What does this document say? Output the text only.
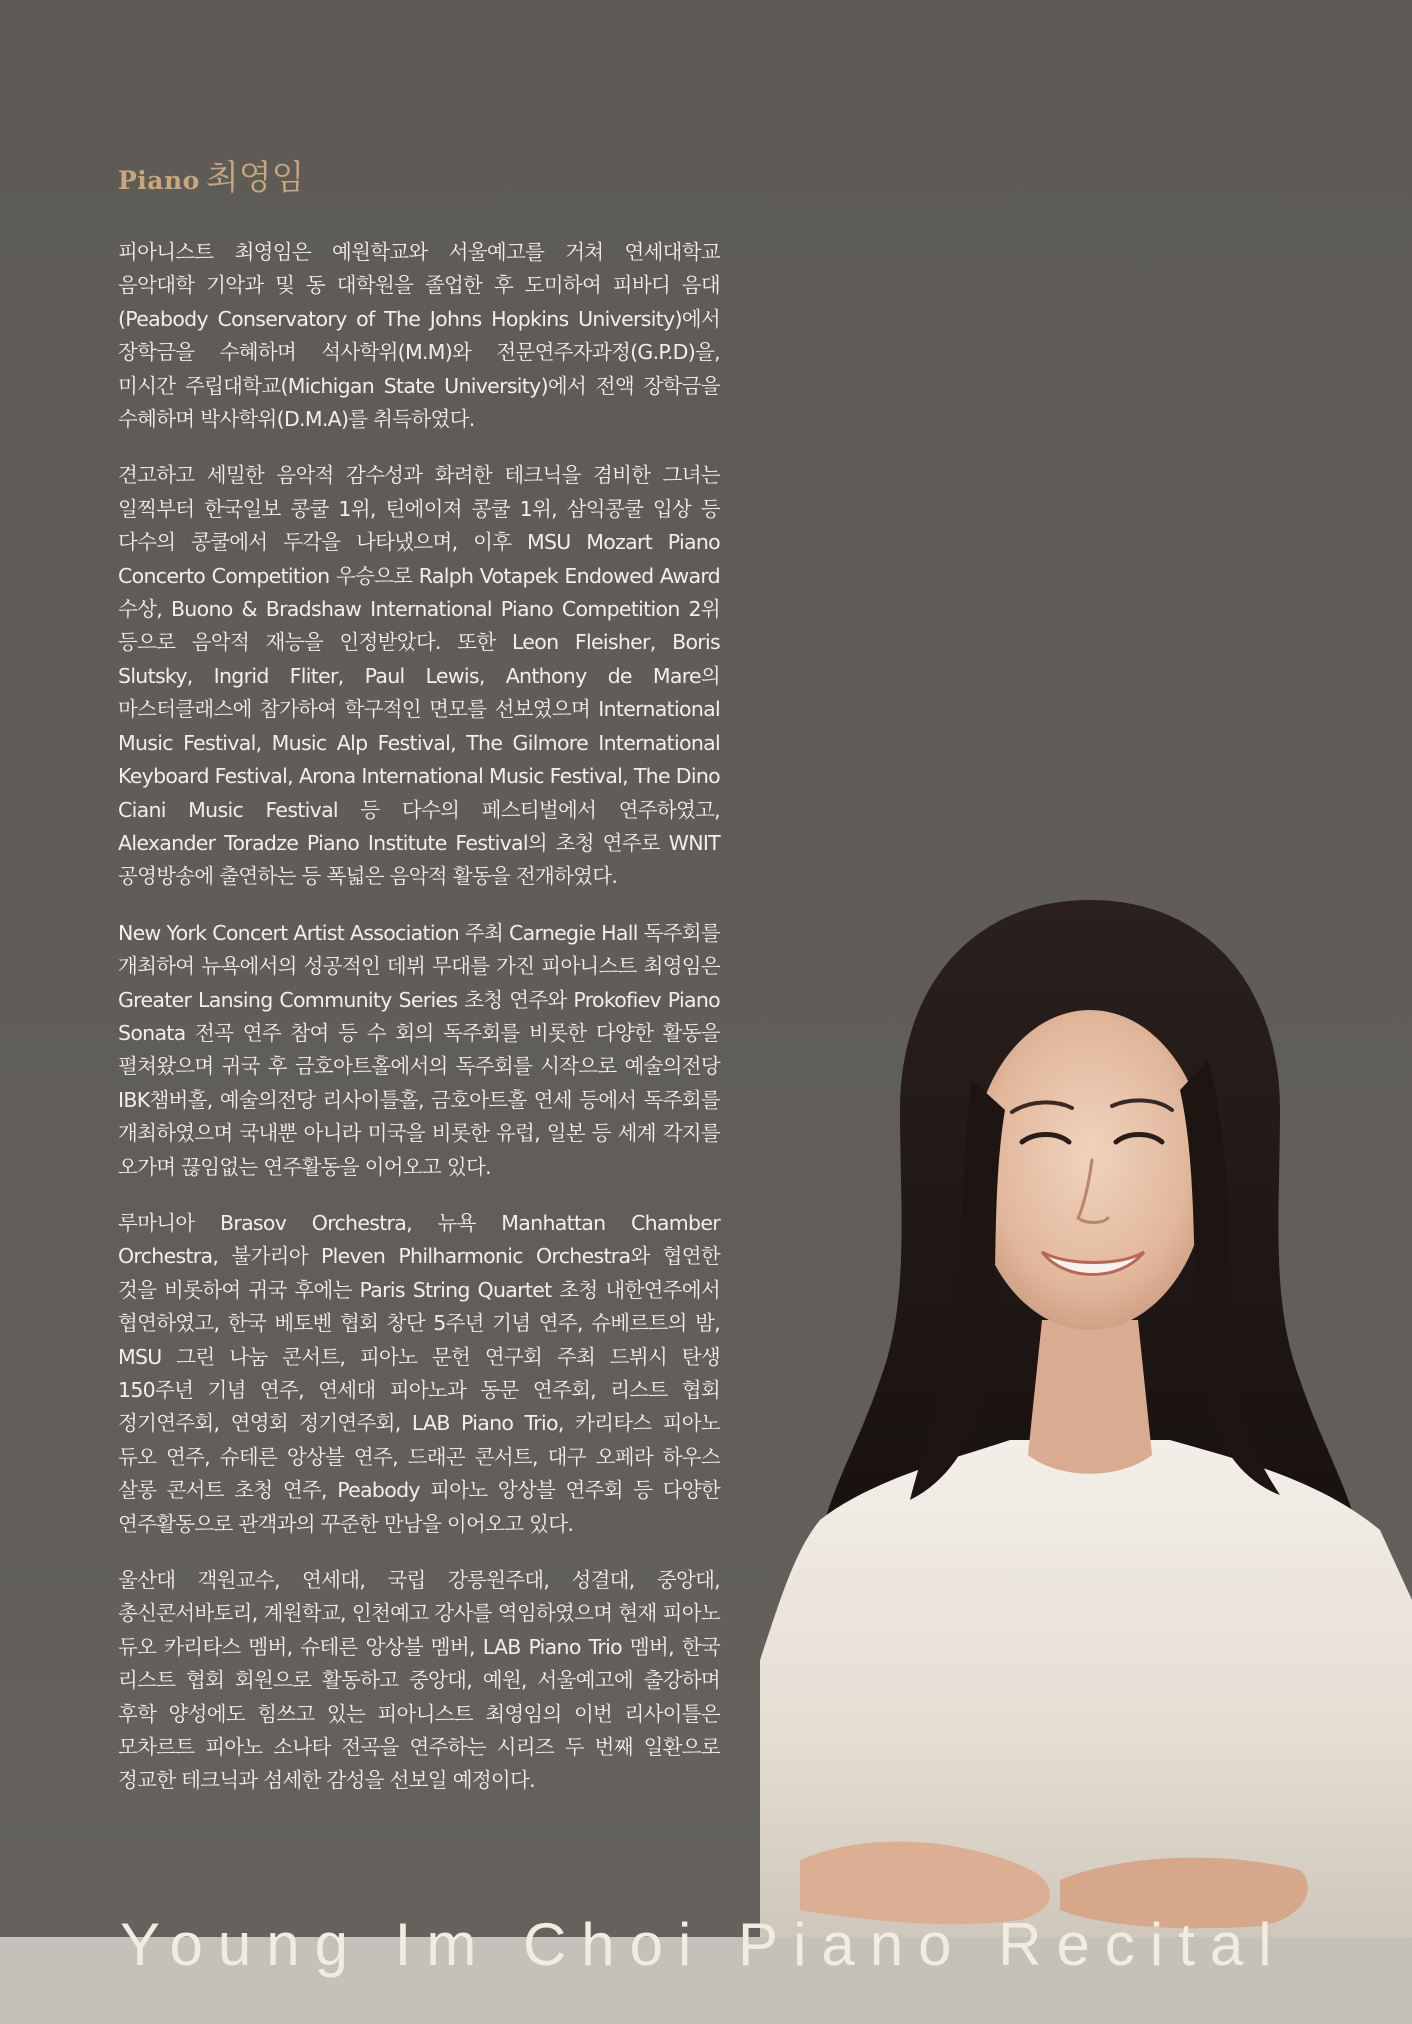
Piano 최영임

피아니스트 최영임은 예원학교와 서울예고를 거쳐 연세대학교 음악대학 기악과 및 동 대학원을 졸업한 후 도미하여 피바디 음대(Peabody Conservatory of The Johns Hopkins University)에서 장학금을 수혜하며 석사학위(M.M)와 전문연주자과정(G.P.D)을, 미시간 주립대학교(Michigan State University)에서 전액 장학금을 수혜하며 박사학위(D.M.A)를 취득하였다.

견고하고 세밀한 음악적 감수성과 화려한 테크닉을 겸비한 그녀는 일찍부터 한국일보 콩쿨 1위, 틴에이져 콩쿨 1위, 삼익콩쿨 입상 등 다수의 콩쿨에서 두각을 나타냈으며, 이후 MSU Mozart Piano Concerto Competition 우승으로 Ralph Votapek Endowed Award 수상, Buono & Bradshaw International Piano Competition 2위 등으로 음악적 재능을 인정받았다. 또한 Leon Fleisher, Boris Slutsky, Ingrid Fliter, Paul Lewis, Anthony de Mare의 마스터클래스에 참가하여 학구적인 면모를 선보였으며 International Music Festival, Music Alp Festival, The Gilmore International Keyboard Festival, Arona International Music Festival, The Dino Ciani Music Festival 등 다수의 페스티벌에서 연주하였고, Alexander Toradze Piano Institute Festival의 초청 연주로 WNIT 공영방송에 출연하는 등 폭넓은 음악적 활동을 전개하였다.

New York Concert Artist Association 주최 Carnegie Hall 독주회를 개최하여 뉴욕에서의 성공적인 데뷔 무대를 가진 피아니스트 최영임은 Greater Lansing Community Series 초청 연주와 Prokofiev Piano Sonata 전곡 연주 참여 등 수 회의 독주회를 비롯한 다양한 활동을 펼쳐왔으며 귀국 후 금호아트홀에서의 독주회를 시작으로 예술의전당 IBK챔버홀, 예술의전당 리사이틀홀, 금호아트홀 연세 등에서 독주회를 개최하였으며 국내뿐 아니라 미국을 비롯한 유럽, 일본 등 세계 각지를 오가며 끊임없는 연주활동을 이어오고 있다.

루마니아 Brasov Orchestra, 뉴욕 Manhattan Chamber Orchestra, 불가리아 Pleven Philharmonic Orchestra와 협연한 것을 비롯하여 귀국 후에는 Paris String Quartet 초청 내한연주에서 협연하였고, 한국 베토벤 협회 창단 5주년 기념 연주, 슈베르트의 밤, MSU 그린 나눔 콘서트, 피아노 문헌 연구회 주최 드뷔시 탄생 150주년 기념 연주, 연세대 피아노과 동문 연주회, 리스트 협회 정기연주회, 연영회 정기연주회, LAB Piano Trio, 카리타스 피아노 듀오 연주, 슈테른 앙상블 연주, 드래곤 콘서트, 대구 오페라 하우스 살롱 콘서트 초청 연주, Peabody 피아노 앙상블 연주회 등 다양한 연주활동으로 관객과의 꾸준한 만남을 이어오고 있다.

울산대 객원교수, 연세대, 국립 강릉원주대, 성결대, 중앙대, 총신콘서바토리, 계원학교, 인천예고 강사를 역임하였으며 현재 피아노 듀오 카리타스 멤버, 슈테른 앙상블 멤버, LAB Piano Trio 멤버, 한국 리스트 협회 회원으로 활동하고 중앙대, 예원, 서울예고에 출강하며 후학 양성에도 힘쓰고 있는 피아니스트 최영임의 이번 리사이틀은 모차르트 피아노 소나타 전곡을 연주하는 시리즈 두 번째 일환으로 정교한 테크닉과 섬세한 감성을 선보일 예정이다.

Young Im Choi Piano Recital
